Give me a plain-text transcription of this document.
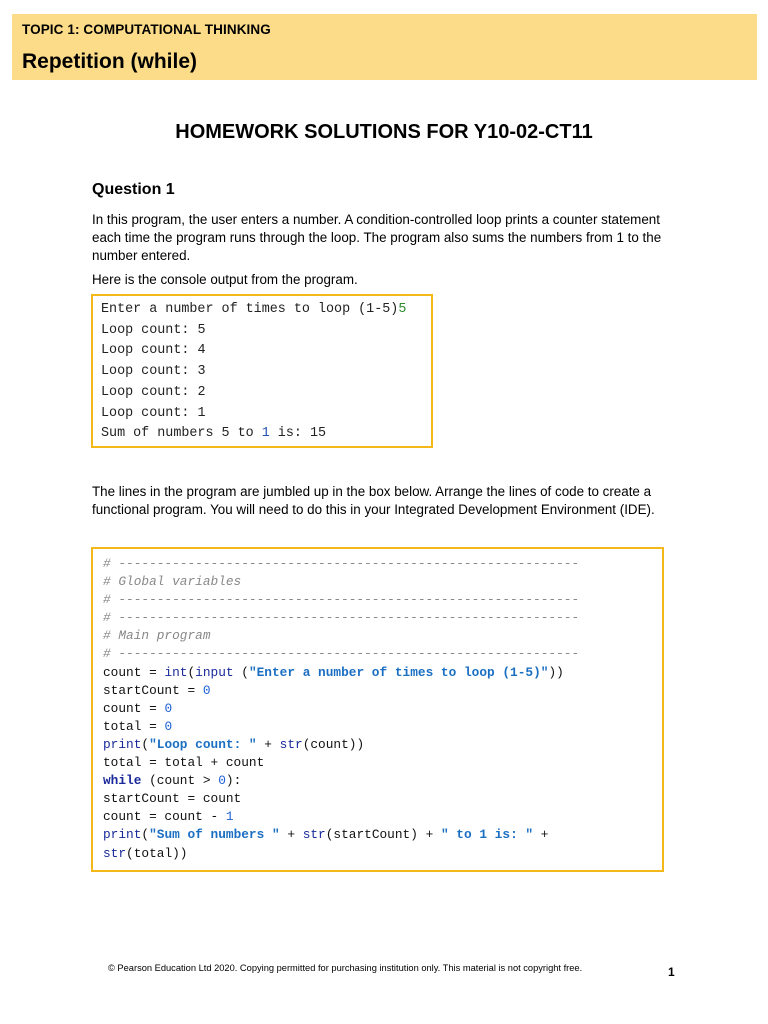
TOPIC 1: COMPUTATIONAL THINKING
Repetition (while)
HOMEWORK SOLUTIONS FOR Y10-02-CT11
Question 1
In this program, the user enters a number. A condition-controlled loop prints a counter statement each time the program runs through the loop. The program also sums the numbers from 1 to the number entered.
Here is the console output from the program.
Enter a number of times to loop (1-5)5
Loop count: 5
Loop count: 4
Loop count: 3
Loop count: 2
Loop count: 1
Sum of numbers 5 to 1 is: 15
The lines in the program are jumbled up in the box below. Arrange the lines of code to create a functional program. You will need to do this in your Integrated Development Environment (IDE).
# ------------------------------------------------------------
# Global variables
# ------------------------------------------------------------
# ------------------------------------------------------------
# Main program
# ------------------------------------------------------------
count = int(input ("Enter a number of times to loop (1-5)"))
startCount = 0
count = 0
total = 0
print("Loop count: " + str(count))
total = total + count
while (count > 0):
startCount = count
count = count - 1
print("Sum of numbers " + str(startCount) + " to 1 is: " +
str(total))
© Pearson Education Ltd 2020. Copying permitted for purchasing institution only. This material is not copyright free.	1
